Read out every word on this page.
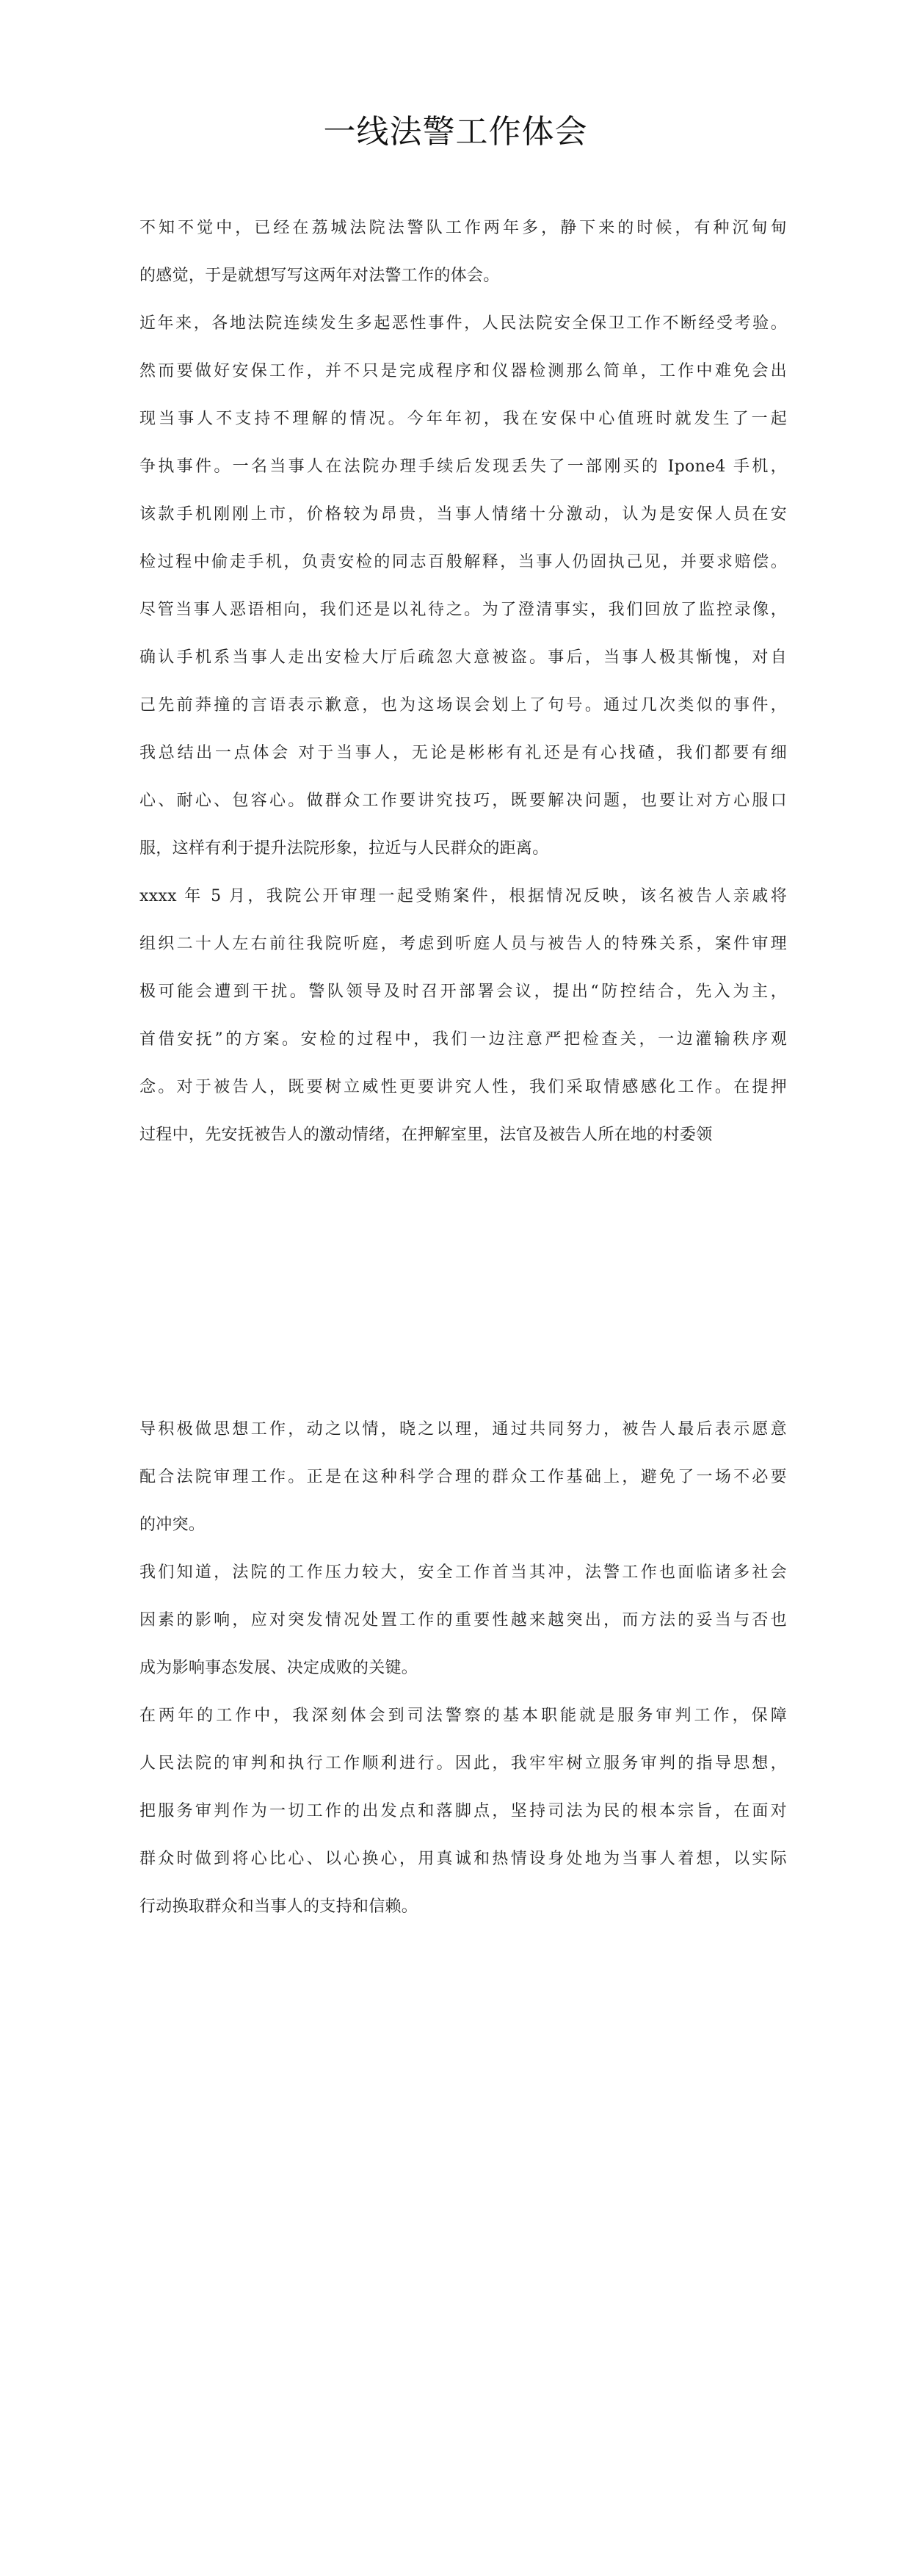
一线法警工作体会
不知不觉中，已经在荔城法院法警队工作两年多，静下来的时候，有种沉甸甸
的感觉，于是就想写写这两年对法警工作的体会。
近年来，各地法院连续发生多起恶性事件，人民法院安全保卫工作不断经受考验。
然而要做好安保工作，并不只是完成程序和仪器检测那么简单，工作中难免会出
现当事人不支持不理解的情况。今年年初，我在安保中心值班时就发生了一起
争执事件。一名当事人在法院办理手续后发现丢失了一部刚买的 Ipone4 手机，
该款手机刚刚上市，价格较为昂贵，当事人情绪十分激动，认为是安保人员在安
检过程中偷走手机，负责安检的同志百般解释，当事人仍固执己见，并要求赔偿。
尽管当事人恶语相向，我们还是以礼待之。为了澄清事实，我们回放了监控录像，
确认手机系当事人走出安检大厅后疏忽大意被盗。事后，当事人极其惭愧，对自
己先前莽撞的言语表示歉意，也为这场误会划上了句号。通过几次类似的事件，
我总结出一点体会 对于当事人，无论是彬彬有礼还是有心找碴，我们都要有细
心、耐心、包容心。做群众工作要讲究技巧，既要解决问题，也要让对方心服口
服，这样有利于提升法院形象，拉近与人民群众的距离。
xxxx 年 5 月，我院公开审理一起受贿案件，根据情况反映，该名被告人亲戚将
组织二十人左右前往我院听庭，考虑到听庭人员与被告人的特殊关系，案件审理
极可能会遭到干扰。警队领导及时召开部署会议，提出“防控结合，先入为主，
首借安抚”的方案。安检的过程中，我们一边注意严把检查关，一边灌输秩序观
念。对于被告人，既要树立威性更要讲究人性，我们采取情感感化工作。在提押
过程中，先安抚被告人的激动情绪，在押解室里，法官及被告人所在地的村委领
导积极做思想工作，动之以情，晓之以理，通过共同努力，被告人最后表示愿意
配合法院审理工作。正是在这种科学合理的群众工作基础上，避免了一场不必要
的冲突。
我们知道，法院的工作压力较大，安全工作首当其冲，法警工作也面临诸多社会
因素的影响，应对突发情况处置工作的重要性越来越突出，而方法的妥当与否也
成为影响事态发展、决定成败的关键。
在两年的工作中，我深刻体会到司法警察的基本职能就是服务审判工作，保障
人民法院的审判和执行工作顺利进行。因此，我牢牢树立服务审判的指导思想，
把服务审判作为一切工作的出发点和落脚点，坚持司法为民的根本宗旨，在面对
群众时做到将心比心、以心换心，用真诚和热情设身处地为当事人着想，以实际
行动换取群众和当事人的支持和信赖。
